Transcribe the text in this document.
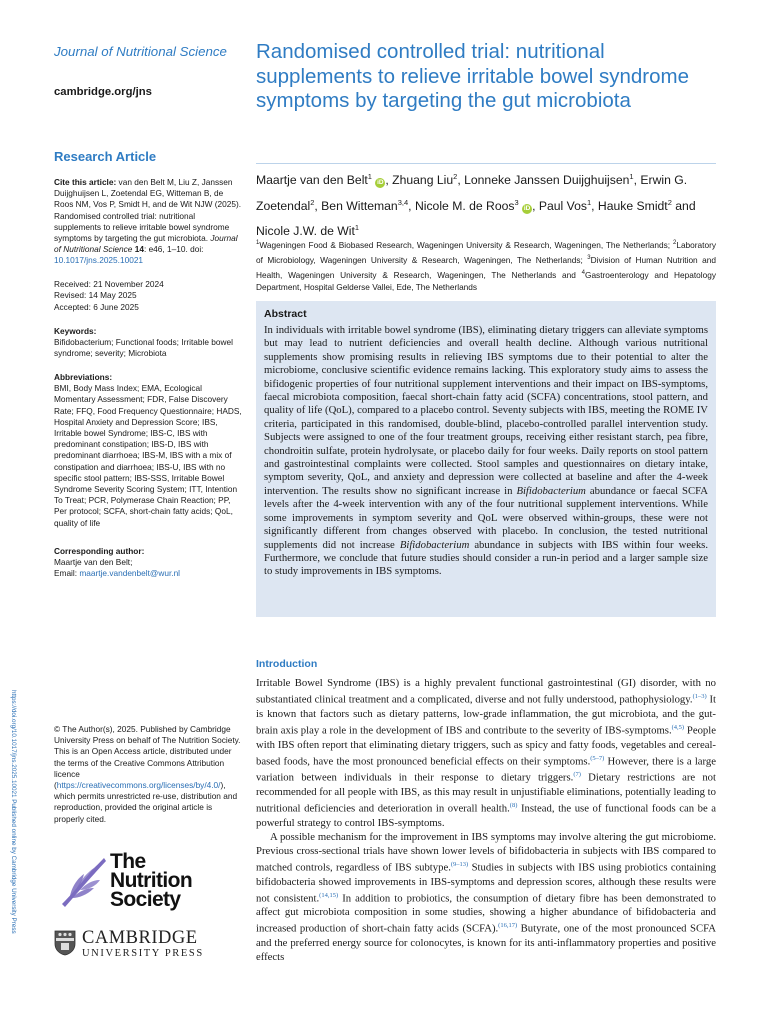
https://doi.org/10.1017/jns.2025.10021 Published online by Cambridge University Press
Journal of Nutritional Science
cambridge.org/jns
Research Article
Cite this article: van den Belt M, Liu Z, Janssen Duijghuijsen L, Zoetendal EG, Witteman B, de Roos NM, Vos P, Smidt H, and de Wit NJW (2025). Randomised controlled trial: nutritional supplements to relieve irritable bowel syndrome symptoms by targeting the gut microbiota. Journal of Nutritional Science 14: e46, 1–10. doi: 10.1017/jns.2025.10021
Received: 21 November 2024
Revised: 14 May 2025
Accepted: 6 June 2025
Keywords:
Bifidobacterium; Functional foods; Irritable bowel syndrome; severity; Microbiota
Abbreviations:
BMI, Body Mass Index; EMA, Ecological Momentary Assessment; FDR, False Discovery Rate; FFQ, Food Frequency Questionnaire; HADS, Hospital Anxiety and Depression Score; IBS, Irritable bowel Syndrome; IBS-C, IBS with predominant constipation; IBS-D, IBS with predominant diarrhoea; IBS-M, IBS with a mix of constipation and diarrhoea; IBS-U, IBS with no specific stool pattern; IBS-SSS, Irritable Bowel Syndrome Severity Scoring System; ITT, Intention To Treat; PCR, Polymerase Chain Reaction; PP, Per protocol; SCFA, short-chain fatty acids; QoL, quality of life
Corresponding author:
Maartje van den Belt;
Email: maartje.vandenbelt@wur.nl
© The Author(s), 2025. Published by Cambridge University Press on behalf of The Nutrition Society. This is an Open Access article, distributed under the terms of the Creative Commons Attribution licence (https://creativecommons.org/licenses/by/4.0/), which permits unrestricted re-use, distribution and reproduction, provided the original article is properly cited.
The
Nutrition
Society
CAMBRIDGE
UNIVERSITY PRESS
Randomised controlled trial: nutritional supplements to relieve irritable bowel syndrome symptoms by targeting the gut microbiota
Maartje van den Belt$^1$ iD , Zhuang Liu$^2$, Lonneke Janssen Duijghuijsen$^1$, Erwin G. Zoetendal$^2$, Ben Witteman$^{3,4}$, Nicole M. de Roos$^3$ iD , Paul Vos$^1$, Hauke Smidt$^2$ and Nicole J.W. de Wit$^1$
$^1$Wageningen Food & Biobased Research, Wageningen University & Research, Wageningen, The Netherlands; $^2$Laboratory of Microbiology, Wageningen University & Research, Wageningen, The Netherlands; $^3$Division of Human Nutrition and Health, Wageningen University & Research, Wageningen, The Netherlands and $^4$Gastroenterology and Hepatology Department, Hospital Gelderse Vallei, Ede, The Netherlands
Abstract
In individuals with irritable bowel syndrome (IBS), eliminating dietary triggers can alleviate symptoms but may lead to nutrient deficiencies and overall health decline. Although various nutritional supplements show promising results in relieving IBS symptoms due to their potential to alter the microbiome, conclusive scientific evidence remains lacking. This exploratory study aims to assess the bifidogenic properties of four nutritional supplement interventions and their impact on IBS-symptoms, faecal microbiota composition, faecal short-chain fatty acid (SCFA) concentrations, stool pattern, and quality of life (QoL), compared to a placebo control. Seventy subjects with IBS, meeting the ROME IV criteria, participated in this randomised, double-blind, placebo-controlled parallel intervention study. Subjects were assigned to one of the four treatment groups, receiving either resistant starch, pea fibre, chondroitin sulfate, protein hydrolysate, or placebo daily for four weeks. Daily reports on stool pattern and gastrointestinal complaints were collected. Stool samples and questionnaires on dietary intake, symptom severity, QoL, and anxiety and depression were collected at baseline and after the 4-week intervention. The results show no significant increase in Bifidobacterium abundance or faecal SCFA levels after the 4-week intervention with any of the four nutritional supplement interventions. While some improvements in symptom severity and QoL were observed within-groups, these were not significantly different from changes observed with placebo. In conclusion, the tested nutritional supplements did not increase Bifidobacterium abundance in subjects with IBS within four weeks. Furthermore, we conclude that future studies should consider a run-in period and a larger sample size to study improvements in IBS symptoms.
Introduction

Irritable Bowel Syndrome (IBS) is a highly prevalent functional gastrointestinal (GI) disorder, with no substantiated clinical treatment and a complicated, diverse and not fully understood, pathophysiology.$^{(1-3)}$ It is known that factors such as dietary patterns, low-grade inflammation, the gut microbiota, and the gut-brain axis play a role in the development of IBS and contribute to the severity of IBS-symptoms.$^{(4,5)}$ People with IBS often report that eliminating dietary triggers, such as spicy and fatty foods, vegetables and cereal-based foods, have the most pronounced beneficial effects on their symptoms.$^{(5-7)}$ However, there is a large variation between individuals in their response to dietary triggers.$^{(7)}$ Dietary restrictions are not recommended for all people with IBS, as this may result in unjustifiable eliminations, potentially leading to nutritional deficiencies and deterioration in overall health.$^{(8)}$ Instead, the use of functional foods can be a powerful strategy to control IBS-symptoms.

A possible mechanism for the improvement in IBS symptoms may involve altering the gut microbiome. Previous cross-sectional trials have shown lower levels of bifidobacteria in subjects with IBS compared to matched controls, regardless of IBS subtype.$^{(9-13)}$ Studies in subjects with IBS using probiotics containing bifidobacteria showed improvements in IBS-symptoms and depression scores, although these results were not consistent.$^{(14,15)}$ In addition to probiotics, the consumption of dietary fibre has been demonstrated to affect gut microbiota composition in some studies, showing a higher abundance of bifidobacteria and increased production of short-chain fatty acids (SCFA).$^{(16,17)}$ Butyrate, one of the most pronounced SCFA and the preferred energy source for colonocytes, is known for its anti-inflammatory properties and positive effects
